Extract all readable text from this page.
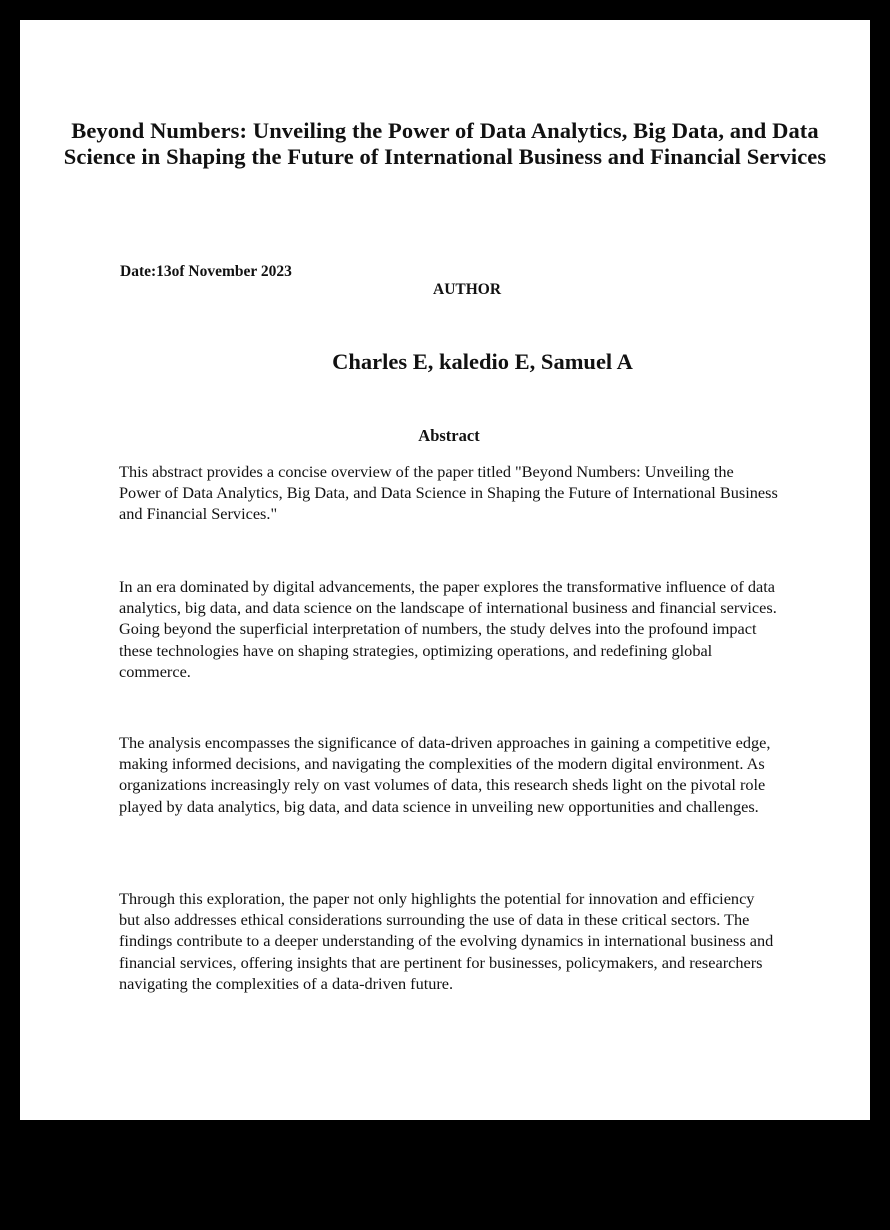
Beyond Numbers: Unveiling the Power of Data Analytics, Big Data, and Data Science in Shaping the Future of International Business and Financial Services
Date:13of November 2023
AUTHOR
Charles E, kaledio E, Samuel A
Abstract

This abstract provides a concise overview of the paper titled "Beyond Numbers: Unveiling the Power of Data Analytics, Big Data, and Data Science in Shaping the Future of International Business and Financial Services."

In an era dominated by digital advancements, the paper explores the transformative influence of data analytics, big data, and data science on the landscape of international business and financial services. Going beyond the superficial interpretation of numbers, the study delves into the profound impact these technologies have on shaping strategies, optimizing operations, and redefining global commerce.

The analysis encompasses the significance of data-driven approaches in gaining a competitive edge, making informed decisions, and navigating the complexities of the modern digital environment. As organizations increasingly rely on vast volumes of data, this research sheds light on the pivotal role played by data analytics, big data, and data science in unveiling new opportunities and challenges.

Through this exploration, the paper not only highlights the potential for innovation and efficiency but also addresses ethical considerations surrounding the use of data in these critical sectors. The findings contribute to a deeper understanding of the evolving dynamics in international business and financial services, offering insights that are pertinent for businesses, policymakers, and researchers navigating the complexities of a data-driven future.
